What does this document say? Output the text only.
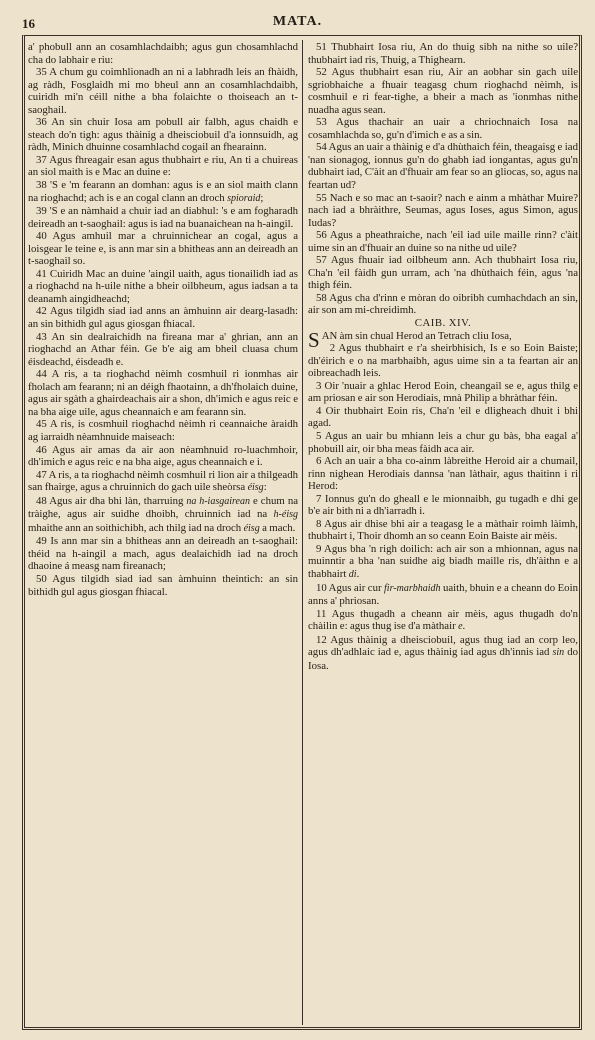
16	MATA.

a' phobull ann an cosamhlachdaibh; agus gun chosamhlachd cha do labhair e riu:

35 A chum gu coimhlionadh an ni a labhradh leis an fhàidh, ag ràdh, Fosglaidh mi mo bheul ann an cosamhlachdaibh, cuiridh mi'n céill nithe a bha folaichte o thoiseach an t-saoghail.

36 An sin chuir Iosa am pobull air falbh, agus chaidh e steach do'n tigh: agus thàinig a dheisciobuil d'a ionnsuidh, ag ràdh, Minich dhuinne cosamhlachd cogail an fhearainn.

37 Agus fhreagair esan agus thubhairt e riu, An ti a chuireas an siol maith is e Mac an duine e:

38 'S e 'm fearann an domhan: agus is e an siol maith clann na rioghachd; ach is e an cogal clann an droch spioraid;

39 'S e an nàmhaid a chuir iad an diabhul: 's e am fogharadh deireadh an t-saoghail: agus is iad na buanaichean na h-aingil.

40 Agus amhuil mar a chruinnichear an cogal, agus a loisgear le teine e, is ann mar sin a bhitheas ann an deireadh an t-saoghail so.

41 Cuiridh Mac an duine 'aingil uaith, agus tionailidh iad as a rioghachd na h-uile nithe a bheir oilbheum, agus iadsan a ta deanamh aingidheachd;

42 Agus tilgidh siad iad anns an àmhuinn air dearg-lasadh: an sin bithidh gul agus giosgan fhiacal.

43 An sin dealraichidh na fireana mar a' ghrian, ann an rioghachd an Athar féin. Ge b'e aig am bheil cluasa chum éisdeachd, éisdeadh e.

44 A ris, a ta rioghachd nèimh cosmhuil ri ionmhas air fholach am fearann; ni an déigh fhaotainn, a dh'fholaich duine, agus air sgàth a ghairdeachais air a shon, dh'imich e agus reic e na bha aige uile, agus cheannaich e am fearann sin.

45 A ris, is cosmhuil rioghachd nèimh ri ceannaiche àraidh ag iarraidh nèamhnuide maiseach:

46 Agus air amas da air aon nèamhnuid ro-luachmhoir, dh'imich e agus reic e na bha aige, agus cheannaich e i.

47 A ris, a ta rioghachd nèimh cosmhuil ri lion air a thilgeadh san fhairge, agus a chruinnich do gach uile sheòrsa éisg:

48 Agus air dha bhi làn, tharruing na h-iasgairean e chum na tràighe, agus air suidhe dhoibh, chruinnich iad na h-éisg mhaithe ann an soithichibh, ach thilg iad na droch éisg a mach.

49 Is ann mar sin a bhitheas ann an deireadh an t-saoghail: théid na h-aingil a mach, agus dealaichidh iad na droch dhaoine á measg nam fireanach;

50 Agus tilgidh siad iad san àmhuinn theintich: an sin bithidh gul agus giosgan fhiacal.

51 Thubhairt Iosa riu, An do thuig sibh na nithe so uile? thubhairt iad ris, Thuig, a Thighearn.

52 Agus thubhairt esan riu, Air an aobhar sin gach uile sgriobhaiche a fhuair teagasg chum rioghachd nèimh, is cosmhuil e ri fear-tighe, a bheir a mach as 'ionmhas nithe nuadha agus sean.

53 Agus thachair an uair a chriochnaich Iosa na cosamhlachda so, gu'n d'imich e as a sin.

54 Agus an uair a thàinig e d'a dhùthaich féin, theagaisg e iad 'nan sionagog, ionnus gu'n do ghabh iad iongantas, agus gu'n dubhairt iad, C'àit an d'fhuair am fear so an gliocas, so, agus na feartan ud?

55 Nach e so mac an t-saoir? nach e ainm a mhàthar Muire? nach iad a bhràithre, Seumas, agus Ioses, agus Simon, agus Iudas?

56 Agus a pheathraiche, nach 'eil iad uile maille rinn? c'àit uime sin an d'fhuair an duine so na nithe ud uile?

57 Agus fhuair iad oilbheum ann. Ach thubhairt Iosa riu, Cha'n 'eil fàidh gun urram, ach 'na dhùthaich féin, agus 'na thigh féin.

58 Agus cha d'rinn e mòran do oibribh cumhachdach an sin, air son am mi-chreidimh.

CAIB. XIV.

SAN àm sin chual Herod an Tetrach cliu Iosa,

2 Agus thubhairt e r'a sheirbhisich, Is e so Eoin Baiste; dh'éirich e o na marbhaibh, agus uime sin a ta feartan air an oibreachadh leis.

3 Oir 'nuair a ghlac Herod Eoin, cheangail se e, agus thilg e am priosan e air son Herodiais, mnà Philip a bhràthar féin.

4 Oir thubhairt Eoin ris, Cha'n 'eil e dligheach dhuit i bhi agad.

5 Agus an uair bu mhiann leis a chur gu bàs, bha eagal a' phobuill air, oir bha meas fàidh aca air.

6 Ach an uair a bha co-ainm làbreithe Heroid air a chumail, rinn nighean Herodiais dannsa 'nan làthair, agus thaitinn i ri Herod:

7 Ionnus gu'n do gheall e le mionnaibh, gu tugadh e dhi ge b'e air bith ni a dh'iarradh i.

8 Agus air dhise bhi air a teagasg le a màthair roimh làimh, thubhairt i, Thoir dhomh an so ceann Eoin Baiste air mèis.

9 Agus bha 'n righ doilich: ach air son a mhionnan, agus na muinntir a bha 'nan suidhe aig biadh maille ris, dh'àithn e a thabhairt di.

10 Agus air cur fir-marbhaidh uaith, bhuin e a cheann do Eoin anns a' phriosan.

11 Agus thugadh a cheann air mèis, agus thugadh do'n chàilin e: agus thug ise d'a màthair e.

12 Agus thàinig a dheisciobuil, agus thug iad an corp leo, agus dh'adhlaic iad e, agus thàinig iad agus dh'innis iad sin do Iosa.
